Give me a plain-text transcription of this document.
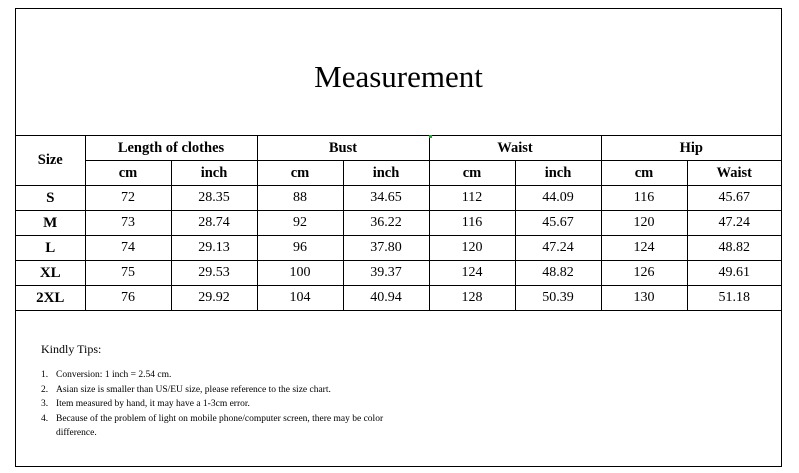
Measurement
Size	Length of clothes		Bust		Waist		Hip	
	cm	inch	cm	inch	cm	inch	cm	Waist
S	72	28.35	88	34.65	112	44.09	116	45.67
M	73	28.74	92	36.22	116	45.67	120	47.24
L	74	29.13	96	37.80	120	47.24	124	48.82
XL	75	29.53	100	39.37	124	48.82	126	49.61
2XL	76	29.92	104	40.94	128	50.39	130	51.18
Kindly Tips:
1. Conversion: 1 inch = 2.54 cm.
2. Asian size is smaller than US/EU size, please reference to the size chart.
3. Item measured by hand, it may have a 1-3cm error.
4. Because of the problem of light on mobile phone/computer screen, there may be color difference.
